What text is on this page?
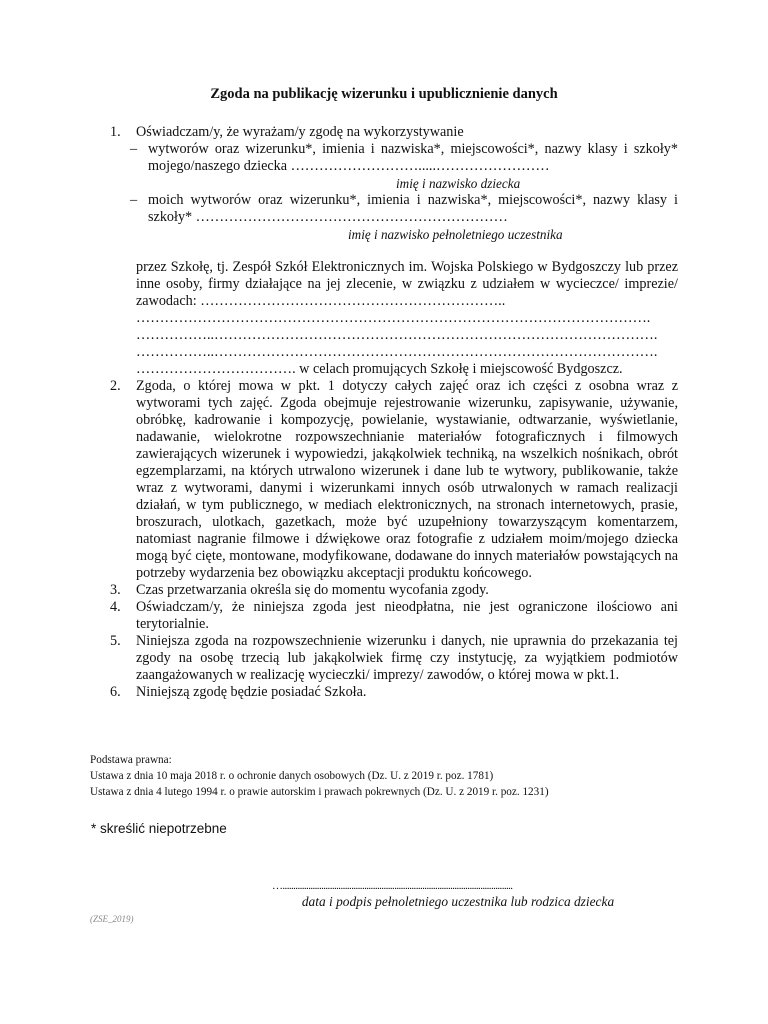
Zgoda na publikację wizerunku i upublicznienie danych
1. Oświadczam/y, że wyrażam/y zgodę na wykorzystywanie
– wytworów oraz wizerunku*, imienia i nazwiska*, miejscowości*, nazwy klasy i szkoły* mojego/naszego dziecka ……………………….....……………………
imię i nazwisko dziecka
– moich wytworów oraz wizerunku*, imienia i nazwiska*, miejscowości*, nazwy klasy i szkoły* …………………………………………………………
imię i nazwisko pełnoletniego uczestnika
przez Szkołę, tj. Zespół Szkół Elektronicznych im. Wojska Polskiego w Bydgoszczy lub przez inne osoby, firmy działające na jej zlecenie, w związku z udziałem w wycieczce/ imprezie/ zawodach: ………………………………………………………..
……………………………………………………………………………………………….
……………..………………………………………………………………………………….
……………..………………………………………………………………………………….
……………………………. w celach promujących Szkołę i miejscowość Bydgoszcz.
2. Zgoda, o której mowa w pkt. 1 dotyczy całych zajęć oraz ich części z osobna wraz z wytworami tych zajęć. Zgoda obejmuje rejestrowanie wizerunku, zapisywanie, używanie, obróbkę, kadrowanie i kompozycję, powielanie, wystawianie, odtwarzanie, wyświetlanie, nadawanie, wielokrotne rozpowszechnianie materiałów fotograficznych i filmowych zawierających wizerunek i wypowiedzi, jakąkolwiek techniką, na wszelkich nośnikach, obrót egzemplarzami, na których utrwalono wizerunek i dane lub te wytwory, publikowanie, także wraz z wytworami, danymi i wizerunkami innych osób utrwalonych w ramach realizacji działań, w tym publicznego, w mediach elektronicznych, na stronach internetowych, prasie, broszurach, ulotkach, gazetkach, może być uzupełniony towarzyszącym komentarzem, natomiast nagranie filmowe i dźwiękowe oraz fotografie z udziałem moim/mojego dziecka mogą być cięte, montowane, modyfikowane, dodawane do innych materiałów powstających na potrzeby wydarzenia bez obowiązku akceptacji produktu końcowego.
3. Czas przetwarzania określa się do momentu wycofania zgody.
4. Oświadczam/y, że niniejsza zgoda jest nieodpłatna, nie jest ograniczone ilościowo ani terytorialnie.
5. Niniejsza zgoda na rozpowszechnienie wizerunku i danych, nie uprawnia do przekazania tej zgody na osobę trzecią lub jakąkolwiek firmę czy instytucję, za wyjątkiem podmiotów zaangażowanych w realizację wycieczki/ imprezy/ zawodów, o której mowa w pkt.1.
6. Niniejszą zgodę będzie posiadać Szkoła.
Podstawa prawna:
Ustawa z dnia 10 maja 2018 r. o ochronie danych osobowych (Dz. U. z 2019 r. poz. 1781)
Ustawa z dnia 4 lutego 1994 r. o prawie autorskim i prawach pokrewnych (Dz. U. z 2019 r. poz. 1231)
* skreślić niepotrzebne
…...........................................................................................................
data i podpis pełnoletniego uczestnika lub rodzica dziecka
(ZSE_2019)
